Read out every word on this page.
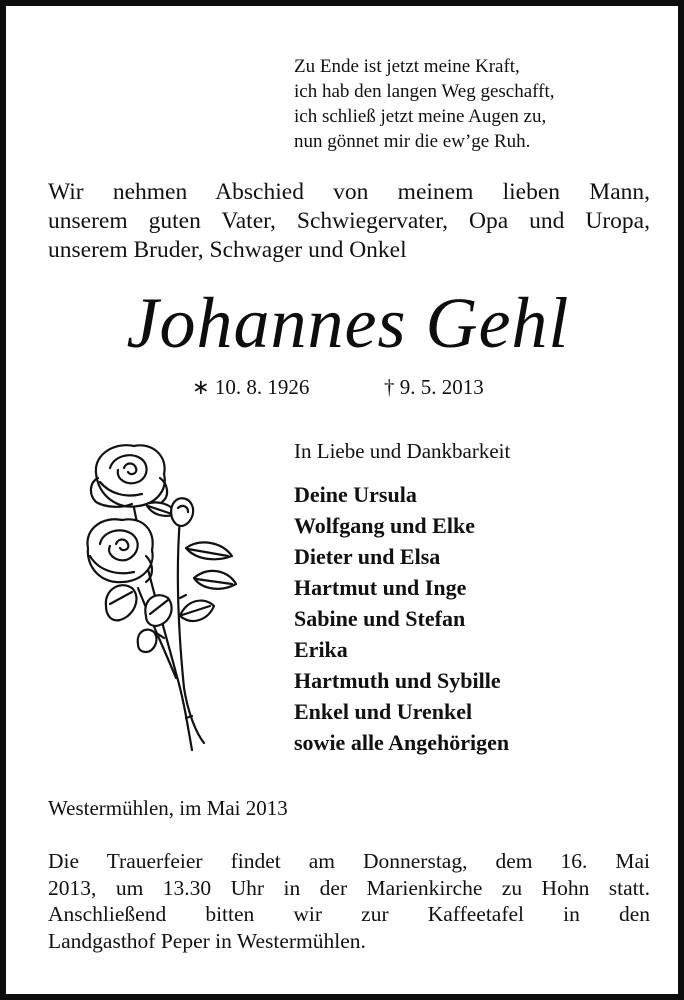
Zu Ende ist jetzt meine Kraft,
ich hab den langen Weg geschafft,
ich schließ jetzt meine Augen zu,
nun gönnet mir die ew’ge Ruh.
Wir nehmen Abschied von meinem lieben Mann,
unserem guten Vater, Schwiegervater, Opa und Uropa,
unserem Bruder, Schwager und Onkel
Johannes Gehl
∗ 10. 8. 1926	† 9. 5. 2013
In Liebe und Dankbarkeit
Deine Ursula
Wolfgang und Elke
Dieter und Elsa
Hartmut und Inge
Sabine und Stefan
Erika
Hartmuth und Sybille
Enkel und Urenkel
sowie alle Angehörigen
Westermühlen, im Mai 2013
Die Trauerfeier findet am Donnerstag, dem 16. Mai
2013, um 13.30 Uhr in der Marienkirche zu Hohn statt.
Anschließend bitten wir zur Kaffeetafel in den
Landgasthof Peper in Westermühlen.
